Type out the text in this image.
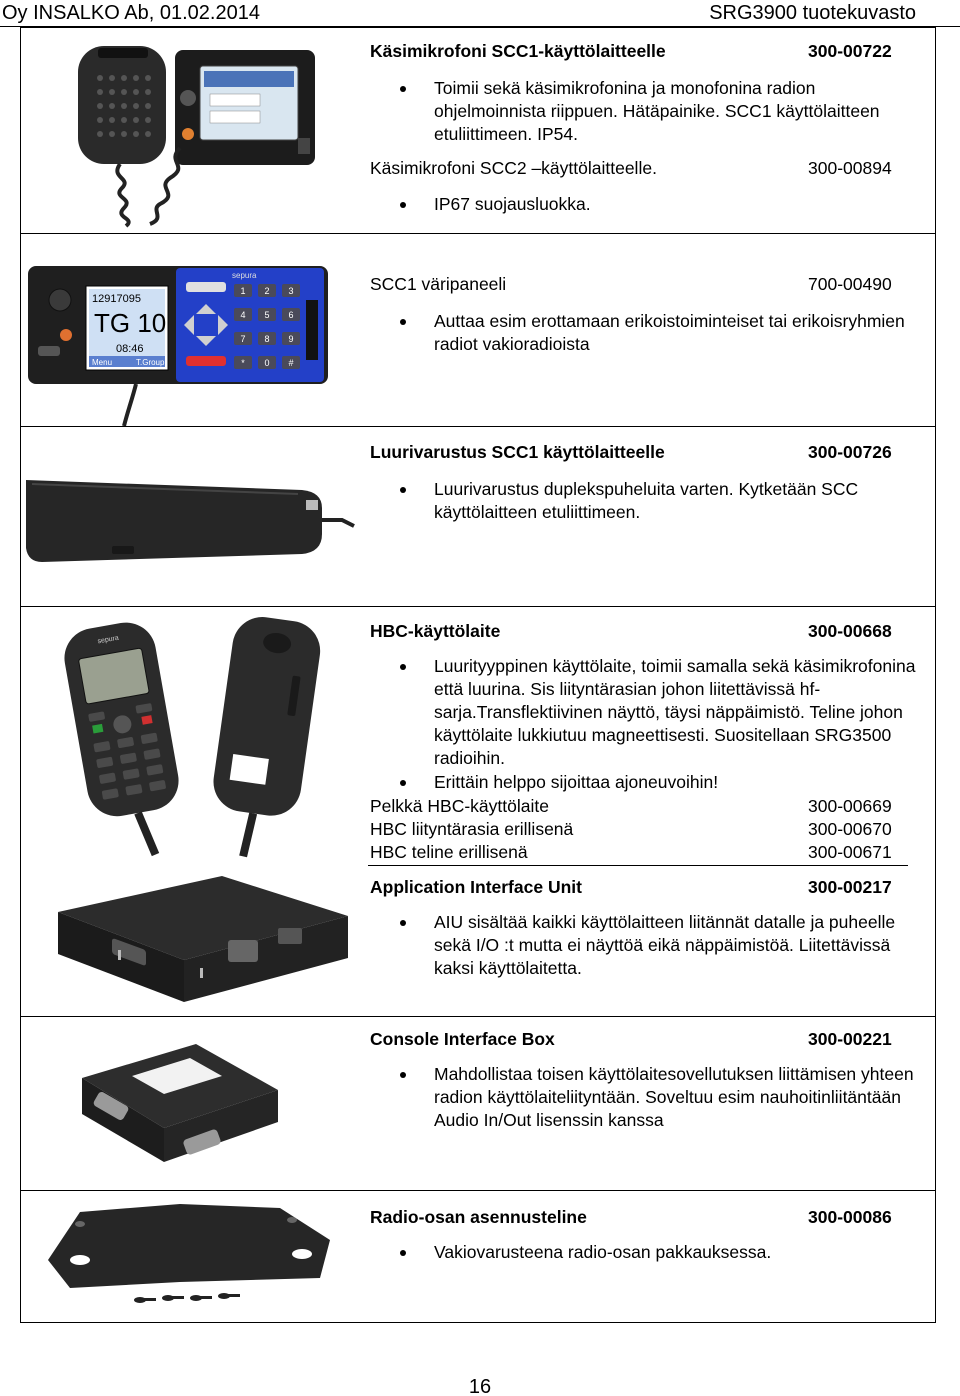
Oy INSALKO Ab, 01.02.2014	SRG3900 tuotekuvasto
Käsimikrofoni SCC1-käyttölaitteelle	300-00722
Toimii sekä käsimikrofonina ja monofonina radion ohjelmoinnista riippuen. Hätäpainike. SCC1 käyttölaitteen etuliittimeen. IP54.
Käsimikrofoni SCC2 –käyttölaitteelle.	300-00894
IP67 suojausluokka.
sepura
12917095
TG 10
08:46
Menu	T.Group
1 2 3
4 5 6
7 8 9
* 0 #
SCC1 väripaneeli	700-00490
Auttaa esim erottamaan erikoistoiminteiset tai erikoisryhmien radiot vakioradioista
Luurivarustus SCC1 käyttölaitteelle	300-00726
Luurivarustus duplekspuheluita varten. Kytketään SCC käyttölaitteen etuliittimeen.
sepura	HBC-käyttölaite	300-00668
Luurityyppinen käyttölaite, toimii samalla sekä käsimikrofonina että luurina. Sis liityntärasian johon liitettävissä hf-sarja.Transflektiivinen näyttö, täysi näppäimistö. Teline johon käyttölaite lukkiutuu magneettisesti. Suositellaan SRG3500 radioihin.
Erittäin helppo sijoittaa ajoneuvoihin!
Pelkkä HBC-käyttölaite	300-00669
HBC liityntärasia erillisenä	300-00670
HBC teline erillisenä	300-00671
Application Interface Unit	300-00217
AIU sisältää kaikki käyttölaitteen liitännät datalle ja puheelle sekä I/O :t mutta ei näyttöä eikä näppäimistöä. Liitettävissä kaksi käyttölaitetta.
Console Interface Box	300-00221
Mahdollistaa toisen käyttölaitesovellutuksen liittämisen yhteen radion käyttölaiteliityntään. Soveltuu esim nauhoitinliitäntään Audio In/Out lisenssin kanssa
Radio-osan asennusteline	300-00086
Vakiovarusteena radio-osan pakkauksessa.
16
